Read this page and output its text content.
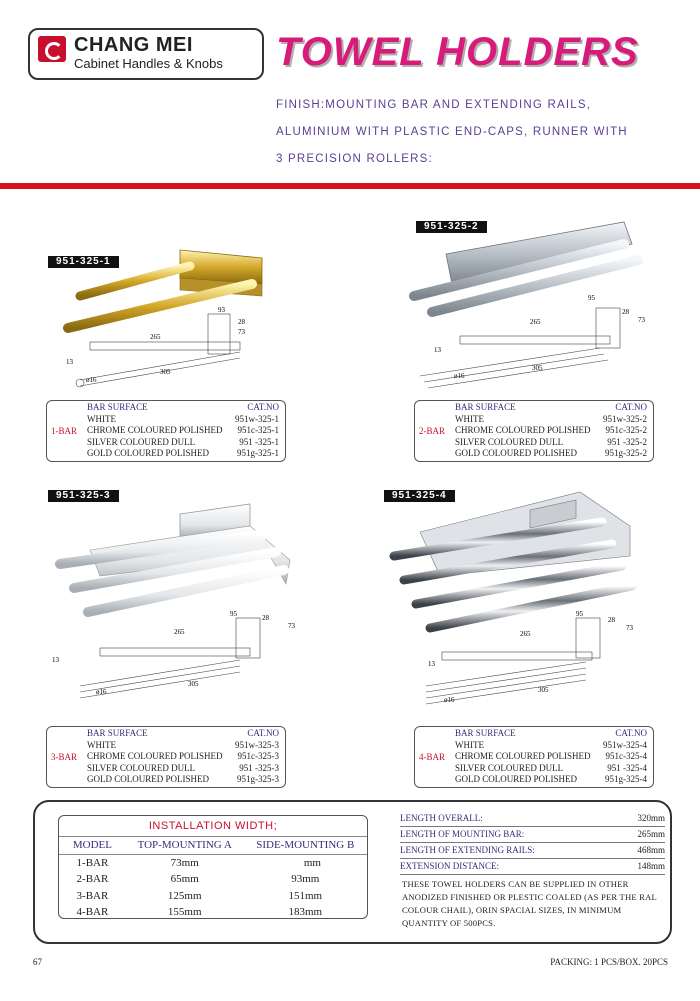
CHANG MEI
Cabinet Handles & Knobs TOWEL HOLDERS
FINISH:MOUNTING BAR AND EXTENDING RAILS,
ALUMINIUM WITH PLASTIC END-CAPS, RUNNER WITH
3 PRECISION ROLLERS:
951-325-1
265
305
93
13
ø16
73
28
1-BAR
BAR SURFACE	CAT.NO
WHITE	951w-325-1
CHROME COLOURED POLISHED	951c-325-1
SILVER COLOURED DULL	951 -325-1
GOLD COLOURED POLISHED	951g-325-1
951-325-2
265
305
95
13
ø16
73
28
2-BAR
BAR SURFACE	CAT.NO
WHITE	951w-325-2
CHROME COLOURED POLISHED	951c-325-2
SILVER COLOURED DULL	951 -325-2
GOLD COLOURED POLISHED	951g-325-2
951-325-3
265
305
95
13
ø16
73
28
3-BAR
BAR SURFACE	CAT.NO
WHITE	951w-325-3
CHROME COLOURED POLISHED	951c-325-3
SILVER COLOURED DULL	951 -325-3
GOLD COLOURED POLISHED	951g-325-3
951-325-4
265
305
95
13
ø16
73
28
4-BAR
BAR SURFACE	CAT.NO
WHITE	951w-325-4
CHROME COLOURED POLISHED	951c-325-4
SILVER COLOURED DULL	951 -325-4
GOLD COLOURED POLISHED	951g-325-4
INSTALLATION WIDTH;
MODEL	TOP-MOUNTING A	SIDE-MOUNTING B
1-BAR	73mm	mm
2-BAR	65mm	93mm
3-BAR	125mm	151mm
4-BAR	155mm	183mm
LENGTH OVERALL:	320mm
LENGTH OF MOUNTING BAR:	265mm
LENGTH OF EXTENDING RAILS:	468mm
EXTENSION DISTANCE:	148mm
THESE TOWEL HOLDERS CAN BE SUPPLIED IN OTHER ANODIZED FINISHED OR PLESTIC COALED (AS PER THE RAL COLOUR CHAIL), ORIN SPACIAL SIZES, IN MINIMUM QUANTITY OF 500PCS.
67	PACKING: 1 PCS/BOX. 20PCS
